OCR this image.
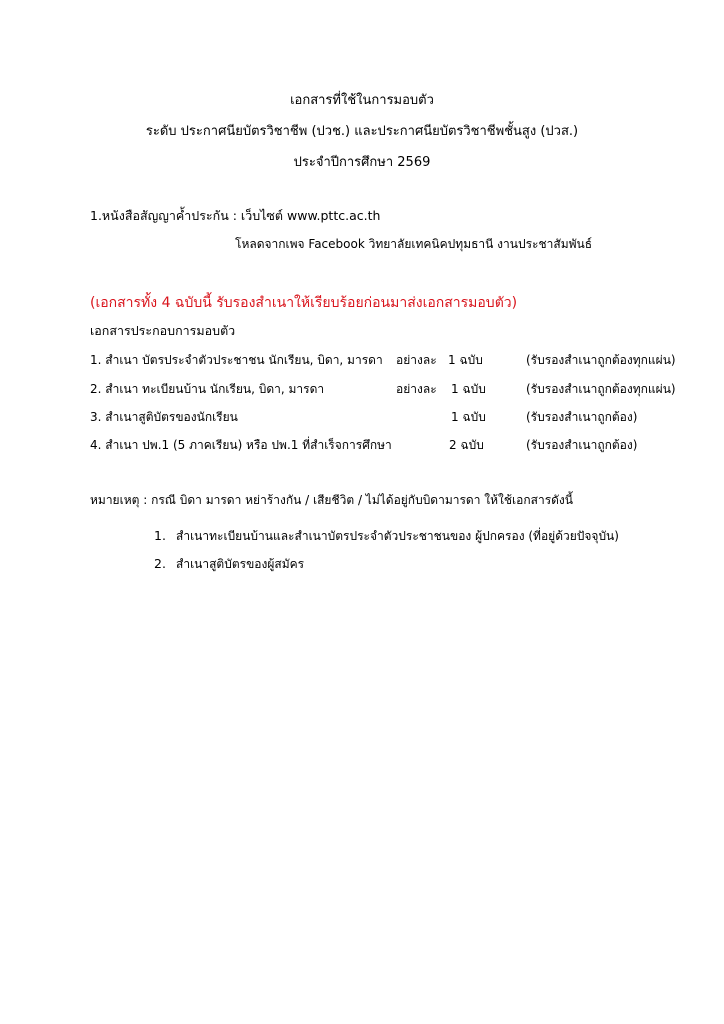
เอกสารที่ใช้ในการมอบตัว
ระดับ ประกาศนียบัตรวิชาชีพ (ปวช.) และประกาศนียบัตรวิชาชีพชั้นสูง (ปวส.)
ประจำปีการศึกษา 2569
1.หนังสือสัญญาค้ำประกัน : เว็บไซต์ www.pttc.ac.th
โหลดจากเพจ Facebook วิทยาลัยเทคนิคปทุมธานี งานประชาสัมพันธ์
(เอกสารทั้ง 4 ฉบับนี้ รับรองสำเนาให้เรียบร้อยก่อนมาส่งเอกสารมอบตัว)
เอกสารประกอบการมอบตัว
1. สำเนา บัตรประจำตัวประชาชน นักเรียน, บิดา, มารดา อย่างละ 1 ฉบับ	(รับรองสำเนาถูกต้องทุกแผ่น)
2. สำเนา ทะเบียนบ้าน นักเรียน, บิดา, มารดา	อย่างละ 1 ฉบับ	(รับรองสำเนาถูกต้องทุกแผ่น)
3. สำเนาสูติบัตรของนักเรียน	1 ฉบับ	(รับรองสำเนาถูกต้อง)
4. สำเนา ปพ.1 (5 ภาคเรียน) หรือ ปพ.1 ที่สำเร็จการศึกษา	2 ฉบับ	(รับรองสำเนาถูกต้อง)
หมายเหตุ : กรณี บิดา มารดา หย่าร้างกัน / เสียชีวิต / ไม่ได้อยู่กับบิดามารดา ให้ใช้เอกสารดังนี้
1. สำเนาทะเบียนบ้านและสำเนาบัตรประจำตัวประชาชนของ ผู้ปกครอง (ที่อยู่ด้วยปัจจุบัน)
2. สำเนาสูติบัตรของผู้สมัคร
